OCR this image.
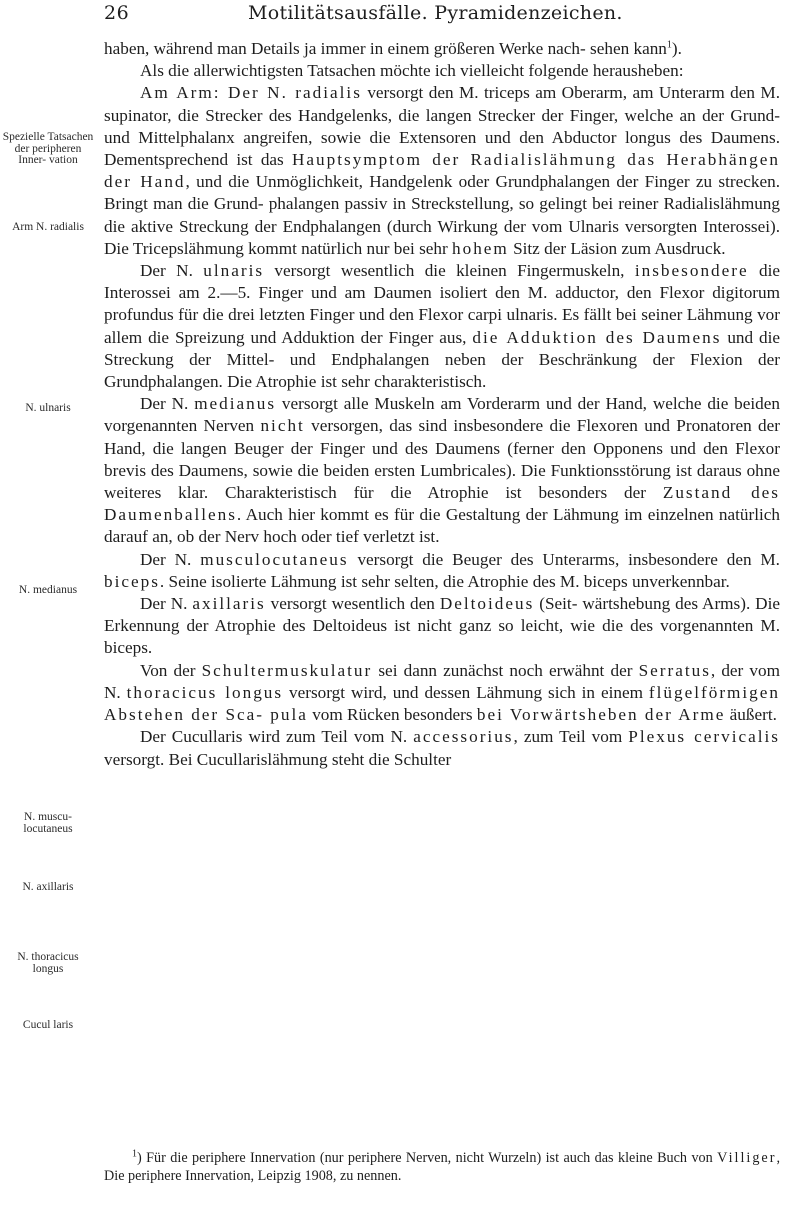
26	Motilitätsausfälle. Pyramidenzeichen.
Spezielle Tatsachen der peripheren Inner- vation
Arm N. radialis
N. ulnaris
N. medianus
N. muscu- locutaneus
N. axillaris
N. thoracicus longus
Cucul laris

haben, während man Details ja immer in einem größeren Werke nach- sehen kann$^1$).

Als die allerwichtigsten Tatsachen möchte ich vielleicht folgende herausheben:

Am Arm: Der N. radialis versorgt den M. triceps am Oberarm, am Unterarm den M. supinator, die Strecker des Handgelenks, die langen Strecker der Finger, welche an der Grund- und Mittelphalanx angreifen, sowie die Extensoren und den Abductor longus des Daumens. Dementsprechend ist das Hauptsymptom der Radialislähmung das Herabhängen der Hand, und die Unmöglichkeit, Handgelenk oder Grundphalangen der Finger zu strecken. Bringt man die Grund- phalangen passiv in Streckstellung, so gelingt bei reiner Radialislähmung die aktive Streckung der Endphalangen (durch Wirkung der vom Ulnaris versorgten Interossei). Die Tricepslähmung kommt natürlich nur bei sehr hohem Sitz der Läsion zum Ausdruck.

Der N. ulnaris versorgt wesentlich die kleinen Fingermuskeln, insbesondere die Interossei am 2.—5. Finger und am Daumen isoliert den M. adductor, den Flexor digitorum profundus für die drei letzten Finger und den Flexor carpi ulnaris. Es fällt bei seiner Lähmung vor allem die Spreizung und Adduktion der Finger aus, die Adduktion des Daumens und die Streckung der Mittel- und Endphalangen neben der Beschränkung der Flexion der Grundphalangen. Die Atrophie ist sehr charakteristisch.

Der N. medianus versorgt alle Muskeln am Vorderarm und der Hand, welche die beiden vorgenannten Nerven nicht versorgen, das sind insbesondere die Flexoren und Pronatoren der Hand, die langen Beuger der Finger und des Daumens (ferner den Opponens und den Flexor brevis des Daumens, sowie die beiden ersten Lumbricales). Die Funktionsstörung ist daraus ohne weiteres klar. Charakteristisch für die Atrophie ist besonders der Zustand des Daumenballens. Auch hier kommt es für die Gestaltung der Lähmung im einzelnen natürlich darauf an, ob der Nerv hoch oder tief verletzt ist.

Der N. musculocutaneus versorgt die Beuger des Unterarms, insbesondere den M. biceps. Seine isolierte Lähmung ist sehr selten, die Atrophie des M. biceps unverkennbar.

Der N. axillaris versorgt wesentlich den Deltoideus (Seit- wärtshebung des Arms). Die Erkennung der Atrophie des Deltoideus ist nicht ganz so leicht, wie die des vorgenannten M. biceps.

Von der Schultermuskulatur sei dann zunächst noch erwähnt der Serratus, der vom N. thoracicus longus versorgt wird, und dessen Lähmung sich in einem flügelförmigen Abstehen der Sca- pula vom Rücken besonders bei Vorwärtsheben der Arme äußert.

Der Cucullaris wird zum Teil vom N. accessorius, zum Teil vom Plexus cervicalis versorgt. Bei Cucullarislähmung steht die Schulter

$^1$) Für die periphere Innervation (nur periphere Nerven, nicht Wurzeln) ist auch das kleine Buch von Villiger, Die periphere Innervation, Leipzig 1908, zu nennen.
